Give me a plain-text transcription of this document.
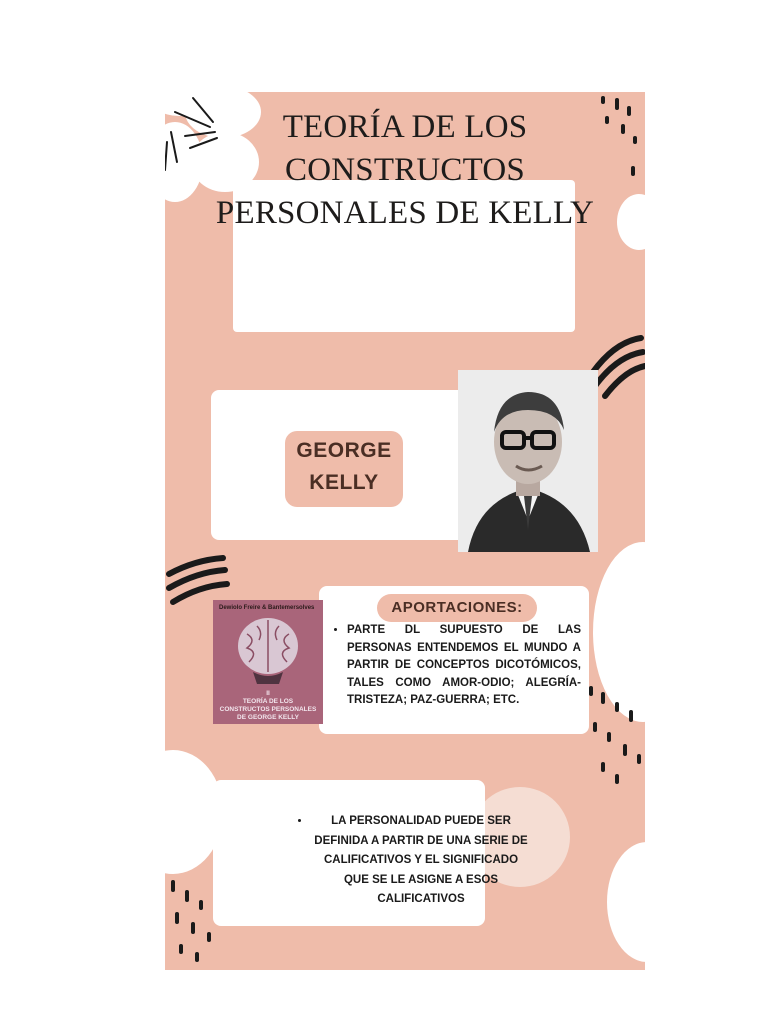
TEORÍA DE LOS
CONSTRUCTOS
PERSONALES DE KELLY
GEORGE
KELLY
APORTACIONES:
• PARTE DL SUPUESTO DE LAS PERSONAS ENTENDEMOS EL MUNDO A PARTIR DE CONCEPTOS DICOTÓMICOS, TALES COMO AMOR-ODIO; ALEGRÍA-TRISTEZA; PAZ-GUERRA; ETC.
Dewiolo Freire & Bantemersolves
II
TEORÍA DE LOS CONSTRUCTOS PERSONALES DE GEORGE KELLY
• LA PERSONALIDAD PUEDE SER DEFINIDA A PARTIR DE UNA SERIE DE CALIFICATIVOS Y EL SIGNIFICADO QUE SE LE ASIGNE A ESOS CALIFICATIVOS
